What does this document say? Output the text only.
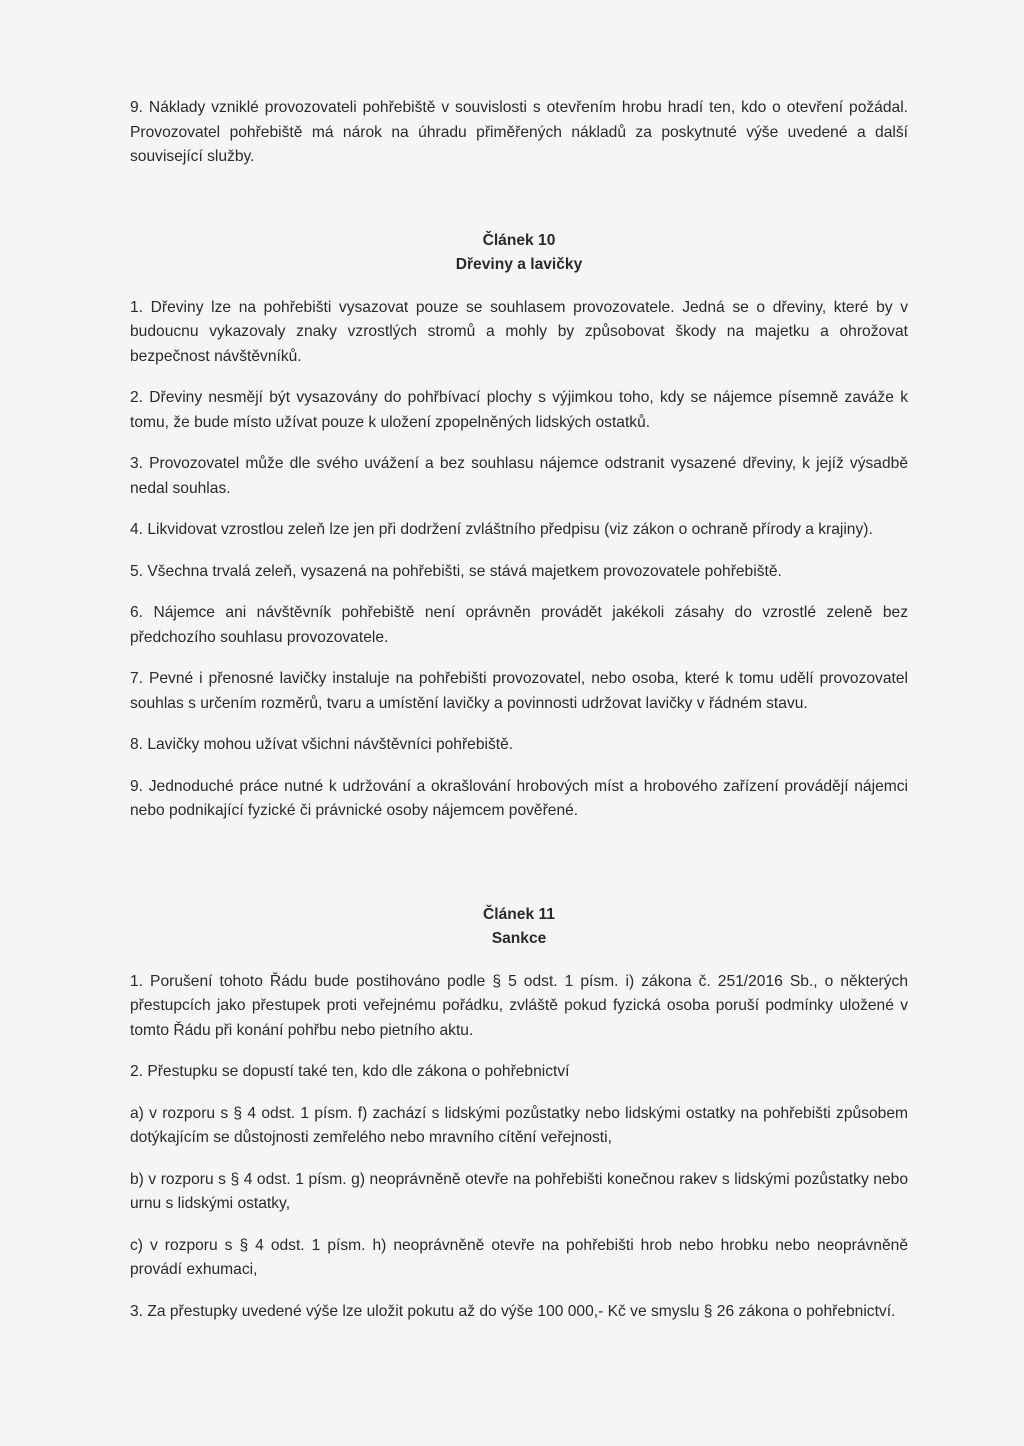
9. Náklady vzniklé provozovateli pohřebiště v souvislosti s otevřením hrobu hradí ten, kdo o otevření požádal. Provozovatel pohřebiště má nárok na úhradu přiměřených nákladů za poskytnuté výše uvedené a další související služby.

Článek 10
Dřeviny a lavičky

1. Dřeviny lze na pohřebišti vysazovat pouze se souhlasem provozovatele. Jedná se o dřeviny, které by v budoucnu vykazovaly znaky vzrostlých stromů a mohly by způsobovat škody na majetku a ohrožovat bezpečnost návštěvníků.

2. Dřeviny nesmějí být vysazovány do pohřbívací plochy s výjimkou toho, kdy se nájemce písemně zaváže k tomu, že bude místo užívat pouze k uložení zpopelněných lidských ostatků.

3. Provozovatel může dle svého uvážení a bez souhlasu nájemce odstranit vysazené dřeviny, k jejíž výsadbě nedal souhlas.

4. Likvidovat vzrostlou zeleň lze jen při dodržení zvláštního předpisu (viz zákon o ochraně přírody a krajiny).

5. Všechna trvalá zeleň, vysazená na pohřebišti, se stává majetkem provozovatele pohřebiště.

6. Nájemce ani návštěvník pohřebiště není oprávněn provádět jakékoli zásahy do vzrostlé zeleně bez předchozího souhlasu provozovatele.

7. Pevné i přenosné lavičky instaluje na pohřebišti provozovatel, nebo osoba, které k tomu udělí provozovatel souhlas s určením rozměrů, tvaru a umístění lavičky a povinnosti udržovat lavičky v řádném stavu.

8. Lavičky mohou užívat všichni návštěvníci pohřebiště.

9. Jednoduché práce nutné k udržování a okrašlování hrobových míst a hrobového zařízení provádějí nájemci nebo podnikající fyzické či právnické osoby nájemcem pověřené.

Článek 11
Sankce

1. Porušení tohoto Řádu bude postihováno podle § 5 odst. 1 písm. i) zákona č. 251/2016 Sb., o některých přestupcích jako přestupek proti veřejnému pořádku, zvláště pokud fyzická osoba poruší podmínky uložené v tomto Řádu při konání pohřbu nebo pietního aktu.

2. Přestupku se dopustí také ten, kdo dle zákona o pohřebnictví

a) v rozporu s § 4 odst. 1 písm. f) zachází s lidskými pozůstatky nebo lidskými ostatky na pohřebišti způsobem dotýkajícím se důstojnosti zemřelého nebo mravního cítění veřejnosti,

b) v rozporu s § 4 odst. 1 písm. g) neoprávněně otevře na pohřebišti konečnou rakev s lidskými pozůstatky nebo urnu s lidskými ostatky,

c) v rozporu s § 4 odst. 1 písm. h) neoprávněně otevře na pohřebišti hrob nebo hrobku nebo neoprávněně provádí exhumaci,

3. Za přestupky uvedené výše lze uložit pokutu až do výše 100 000,- Kč ve smyslu § 26 zákona o pohřebnictví.
